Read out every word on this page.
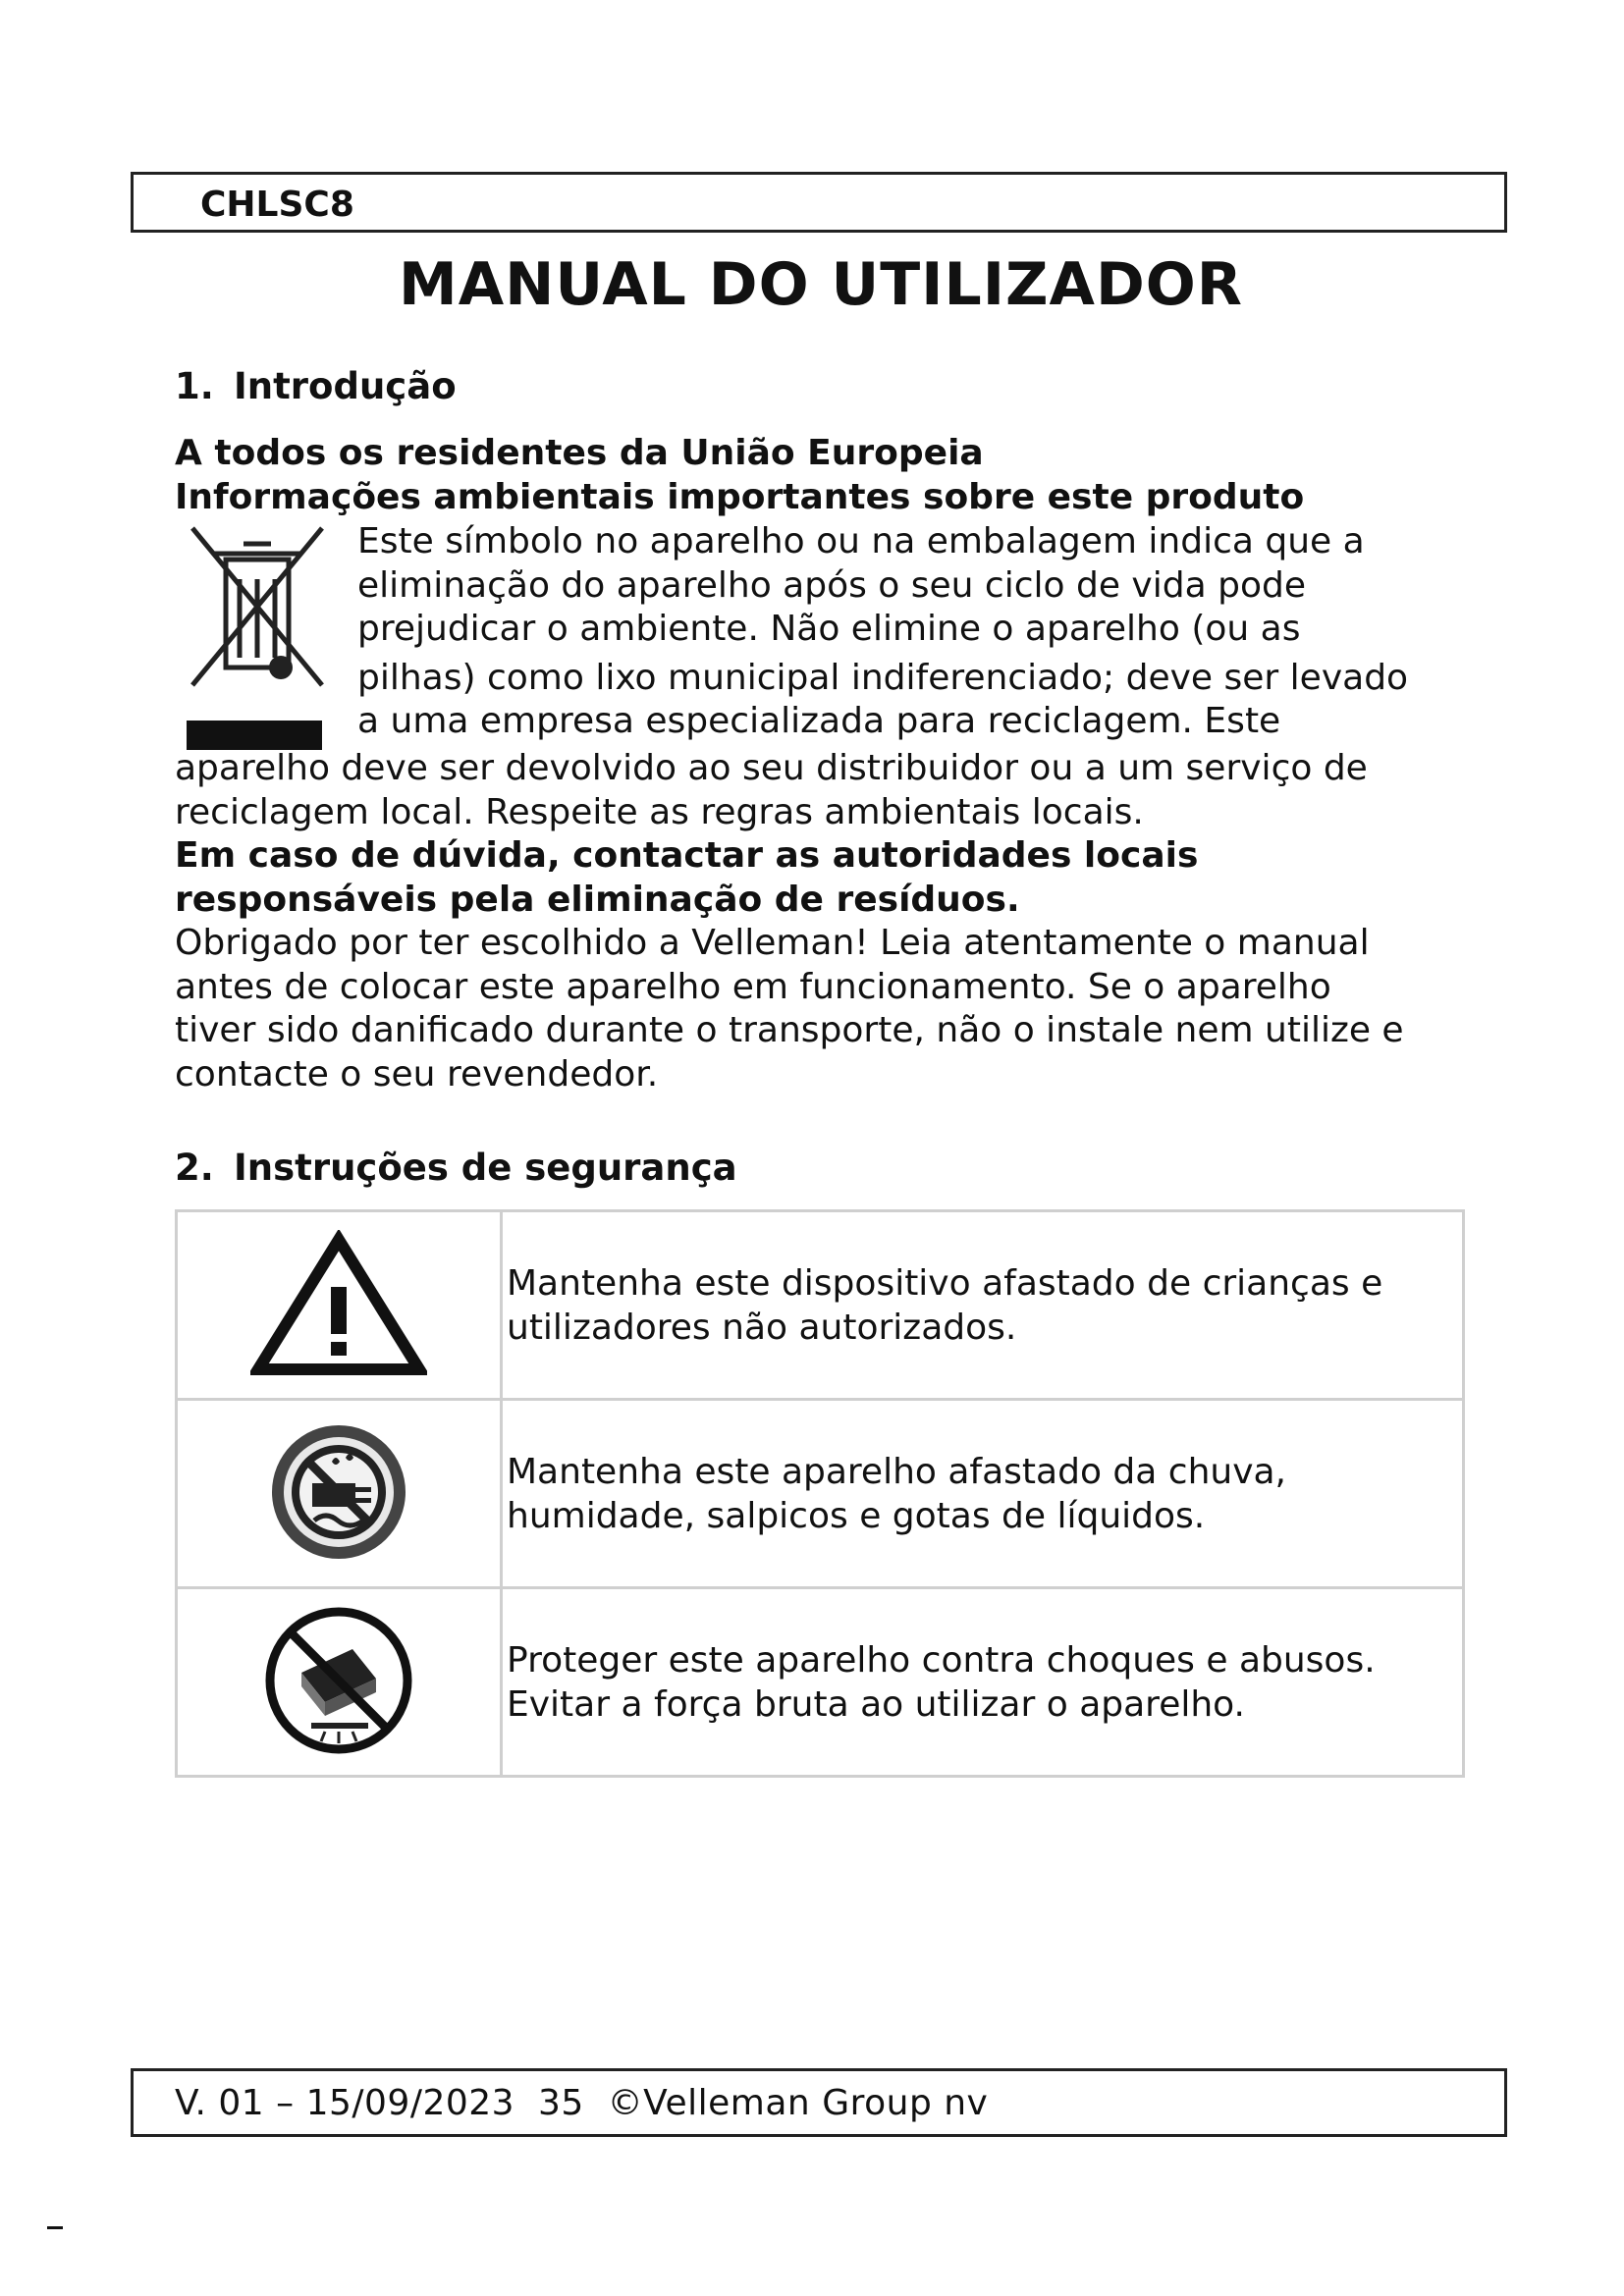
CHLSC8
MANUAL DO UTILIZADOR
1. Introdução
A todos os residentes da União Europeia
Informações ambientais importantes sobre este produto
Este símbolo no aparelho ou na embalagem indica que a
eliminação do aparelho após o seu ciclo de vida pode
prejudicar o ambiente. Não elimine o aparelho (ou as
pilhas) como lixo municipal indiferenciado; deve ser levado
a uma empresa especializada para reciclagem. Este
aparelho deve ser devolvido ao seu distribuidor ou a um serviço de
reciclagem local. Respeite as regras ambientais locais.
Em caso de dúvida, contactar as autoridades locais
responsáveis pela eliminação de resíduos.
Obrigado por ter escolhido a Velleman! Leia atentamente o manual
antes de colocar este aparelho em funcionamento. Se o aparelho
tiver sido danificado durante o transporte, não o instale nem utilize e
contacte o seu revendedor.
2. Instruções de segurança

Mantenha este dispositivo afastado de crianças e
utilizadores não autorizados.

Mantenha este aparelho afastado da chuva,
humidade, salpicos e gotas de líquidos.

Proteger este aparelho contra choques e abusos.
Evitar a força bruta ao utilizar o aparelho.
V. 01 – 15/09/2023 35 ©Velleman Group nv
